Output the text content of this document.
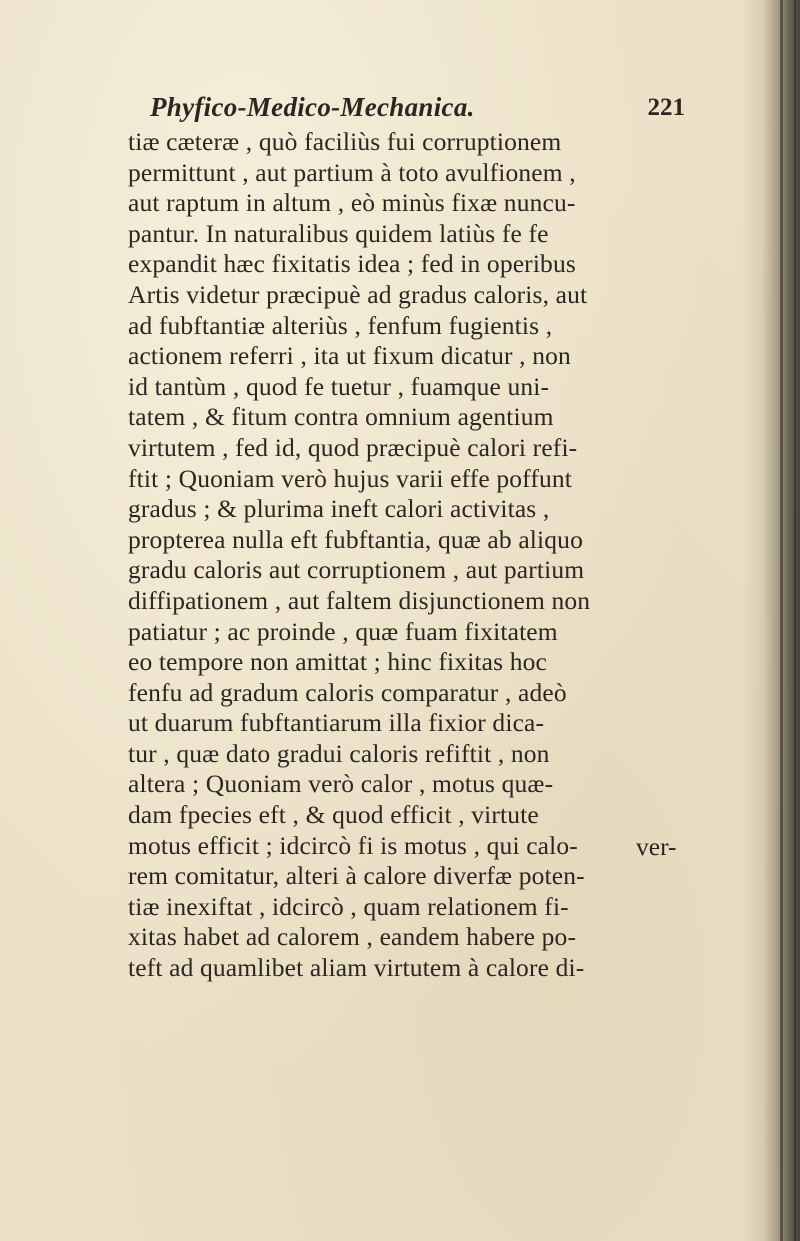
Phyfico-Medico-Mechanica.	221
tiæ cæteræ , quò faciliùs fui corruptionem
permittunt , aut partium à toto avulfionem ,
aut raptum in altum , eò minùs fixæ nuncu-
pantur. In naturalibus quidem latiùs fe fe
expandit hæc fixitatis idea ; fed in operibus
Artis videtur præcipuè ad gradus caloris, aut
ad fubftantiæ alteriùs , fenfum fugientis ,
actionem referri , ita ut fixum dicatur , non
id tantùm , quod fe tuetur , fuamque uni-
tatem , & fitum contra omnium agentium
virtutem , fed id, quod præcipuè calori refi-
ftit ; Quoniam verò hujus varii effe poffunt
gradus ; & plurima ineft calori activitas ,
propterea nulla eft fubftantia, quæ ab aliquo
gradu caloris aut corruptionem , aut partium
diffipationem , aut faltem disjunctionem non
patiatur ; ac proinde , quæ fuam fixitatem
eo tempore non amittat ; hinc fixitas hoc
fenfu ad gradum caloris comparatur , adeò
ut duarum fubftantiarum illa fixior dica-
tur , quæ dato gradui caloris refiftit , non
altera ; Quoniam verò calor , motus quæ-
dam fpecies eft , & quod efficit , virtute
motus efficit ; idcircò fi is motus , qui calo-
rem comitatur, alteri à calore diverfæ poten-
tiæ inexiftat , idcircò , quam relationem fi-
xitas habet ad calorem , eandem habere po-
teft ad quamlibet aliam virtutem à calore di-
ver-
